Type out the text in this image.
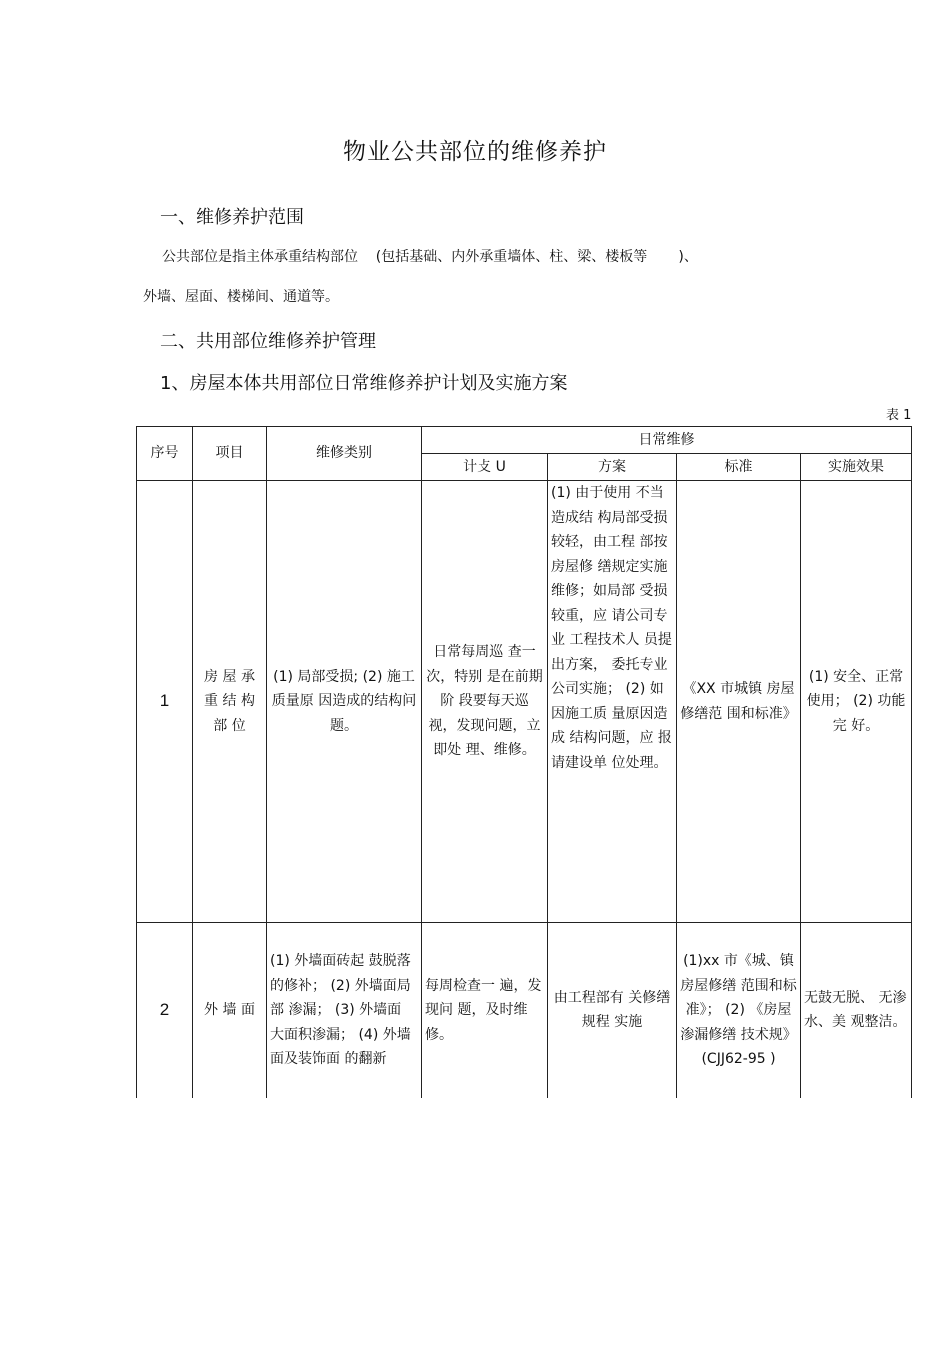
物业公共部位的维修养护
一、维修养护范围
公共部位是指主体承重结构部位    (包括基础、内外承重墙体、柱、梁、楼板等       )、
外墙、屋面、楼梯间、通道等。
二、共用部位维修养护管理
1、房屋本体共用部位日常维修养护计划及实施方案
表 1
序号	项目	维修类别	日常维修			
			计攴 U	方案	标准	实施效果
1	房 屋 承 重 结 构 部 位	(1) 局部受损; (2) 施工质量原 因造成的结构问题。	日常每周巡 查一次，特别 是在前期阶 段要每天巡 视，发现问题，立即处 理、维修。	(1) 由于使用 不当造成结 构局部受损 较轻，由工程 部按房屋修 缮规定实施维修；如局部 受损较重，应 请公司专业 工程技术人 员提出方案， 委托专业公司实施； (2) 如因施工质 量原因造成 结构问题，应 报请建设单 位处理。	《XX 市城镇 房屋修缮范 围和标准》	(1) 安全、正常使用； (2) 功能完 好。
2	外 墙 面	(1) 外墙面砖起 鼓脱落的修补； (2) 外墙面局部 渗漏； (3) 外墙面 大面积渗漏； (4) 外墙面及装饰面 的翻新	每周检查一 遍，发现问 题，及时维 修。	由工程部有 关修缮规程 实施	(1)xx 市《城、镇房屋修缮 范围和标准》； (2) 《房屋渗漏修缮 技术规》 (CJJ62-95 )	无鼓无脱、 无渗水、美 观整洁。
